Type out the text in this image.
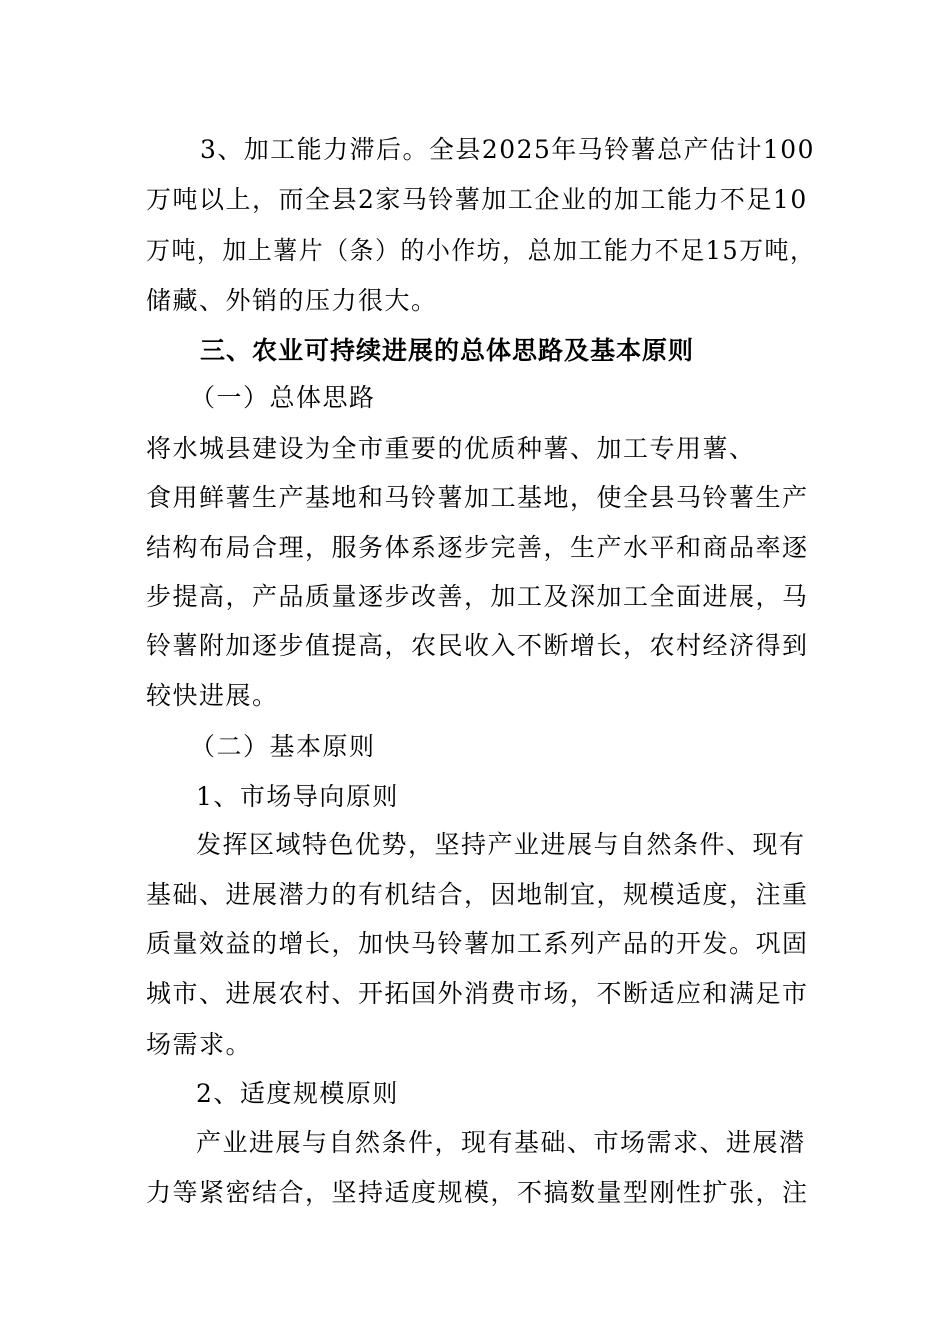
3、加工能力滞后。全县2025年马铃薯总产估计100
万吨以上，而全县2家马铃薯加工企业的加工能力不足10
万吨，加上薯片（条）的小作坊，总加工能力不足15万吨，
储藏、外销的压力很大。
三、农业可持续进展的总体思路及基本原则
（一）总体思路
将水城县建设为全市重要的优质种薯、加工专用薯、
食用鲜薯生产基地和马铃薯加工基地，使全县马铃薯生产
结构布局合理，服务体系逐步完善，生产水平和商品率逐
步提高，产品质量逐步改善，加工及深加工全面进展，马
铃薯附加逐步值提高，农民收入不断增长，农村经济得到
较快进展。
（二）基本原则
1、市场导向原则
发挥区域特色优势，坚持产业进展与自然条件、现有
基础、进展潜力的有机结合，因地制宜，规模适度，注重
质量效益的增长，加快马铃薯加工系列产品的开发。巩固
城市、进展农村、开拓国外消费市场，不断适应和满足市
场需求。
2、适度规模原则
产业进展与自然条件，现有基础、市场需求、进展潜
力等紧密结合，坚持适度规模，不搞数量型刚性扩张，注
